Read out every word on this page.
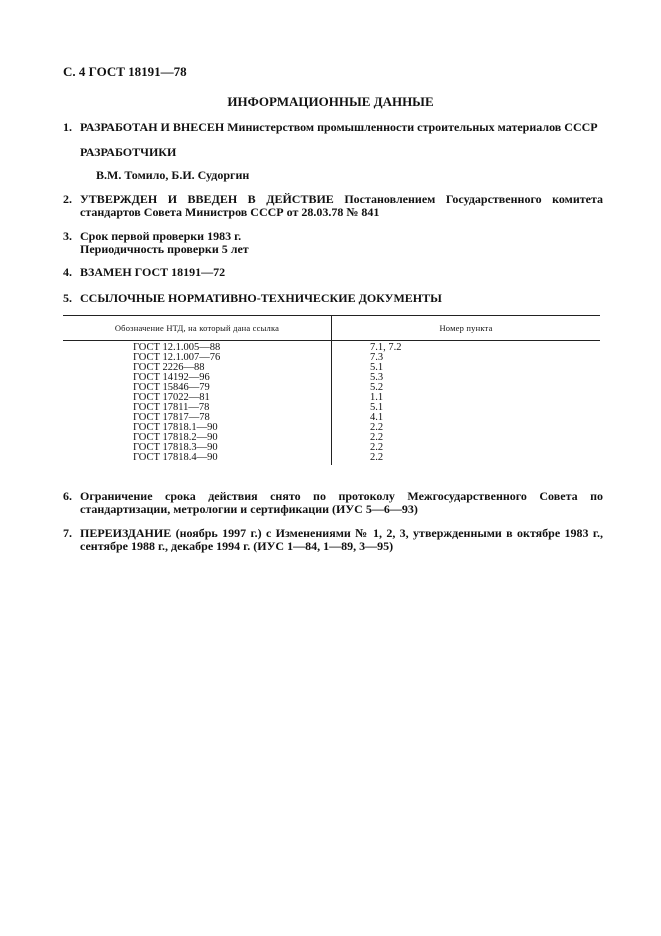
С. 4 ГОСТ 18191—78
ИНФОРМАЦИОННЫЕ ДАННЫЕ
1. РАЗРАБОТАН И ВНЕСЕН Министерством промышленности строительных материалов СССР
РАЗРАБОТЧИКИ
В.М. Томило, Б.И. Судоргин
2. УТВЕРЖДЕН И ВВЕДЕН В ДЕЙСТВИЕ Постановлением Государственного комитета стандартов Совета Министров СССР от 28.03.78 № 841
3. Срок первой проверки 1983 г.
Периодичность проверки 5 лет
4. ВЗАМЕН ГОСТ 18191—72
5. ССЫЛОЧНЫЕ НОРМАТИВНО-ТЕХНИЧЕСКИЕ ДОКУМЕНТЫ
Обозначение НТД, на который дана ссылка	Номер пункта
ГОСТ 12.1.005—88	7.1, 7.2
ГОСТ 12.1.007—76	7.3
ГОСТ 2226—88	5.1
ГОСТ 14192—96	5.3
ГОСТ 15846—79	5.2
ГОСТ 17022—81	1.1
ГОСТ 17811—78	5.1
ГОСТ 17817—78	4.1
ГОСТ 17818.1—90	2.2
ГОСТ 17818.2—90	2.2
ГОСТ 17818.3—90	2.2
ГОСТ 17818.4—90	2.2
6. Ограничение срока действия снято по протоколу Межгосударственного Совета по стандартизации, метрологии и сертификации (ИУС 5—6—93)
7. ПЕРЕИЗДАНИЕ (ноябрь 1997 г.) с Изменениями № 1, 2, 3, утвержденными в октябре 1983 г., сентябре 1988 г., декабре 1994 г. (ИУС 1—84, 1—89, 3—95)
